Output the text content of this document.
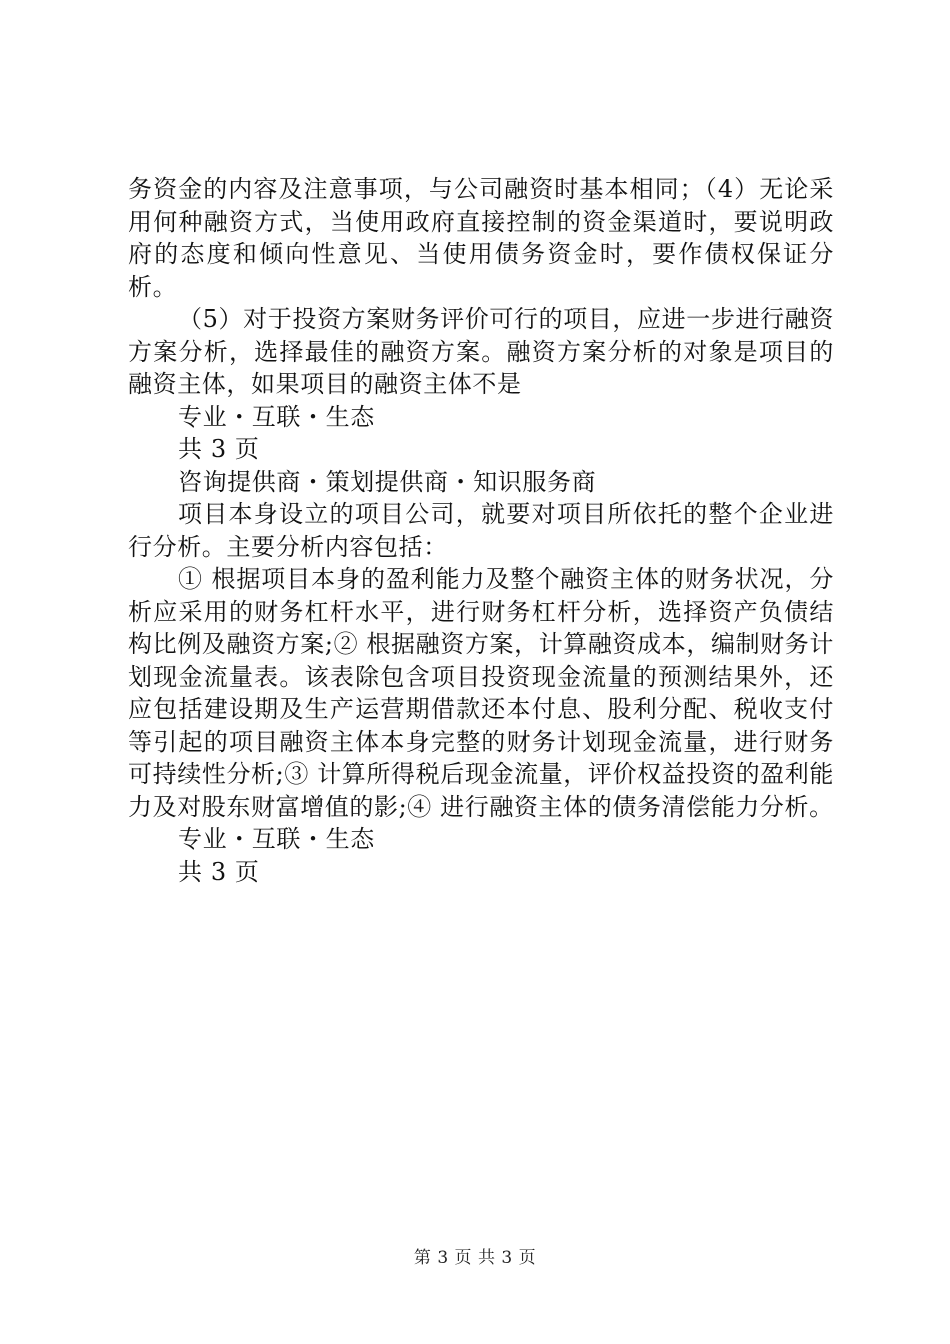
务资金的内容及注意事项，与公司融资时基本相同；（4）无论采用何种融资方式，当使用政府直接控制的资金渠道时，要说明政府的态度和倾向性意见、当使用债务资金时，要作债权保证分析。

（5）对于投资方案财务评价可行的项目，应进一步进行融资方案分析，选择最佳的融资方案。融资方案分析的对象是项目的融资主体，如果项目的融资主体不是

专业・互联・生态

共 3 页

咨询提供商・策划提供商・知识服务商

项目本身设立的项目公司，就要对项目所依托的整个企业进行分析。主要分析内容包括：

① 根据项目本身的盈利能力及整个融资主体的财务状况，分析应采用的财务杠杆水平，进行财务杠杆分析，选择资产负债结构比例及融资方案;② 根据融资方案，计算融资成本，编制财务计划现金流量表。该表除包含项目投资现金流量的预测结果外，还应包括建设期及生产运营期借款还本付息、股利分配、税收支付等引起的项目融资主体本身完整的财务计划现金流量，进行财务可持续性分析;③ 计算所得税后现金流量，评价权益投资的盈利能力及对股东财富增值的影;④ 进行融资主体的债务清偿能力分析。

专业・互联・生态

共 3 页

第 3 页 共 3 页
